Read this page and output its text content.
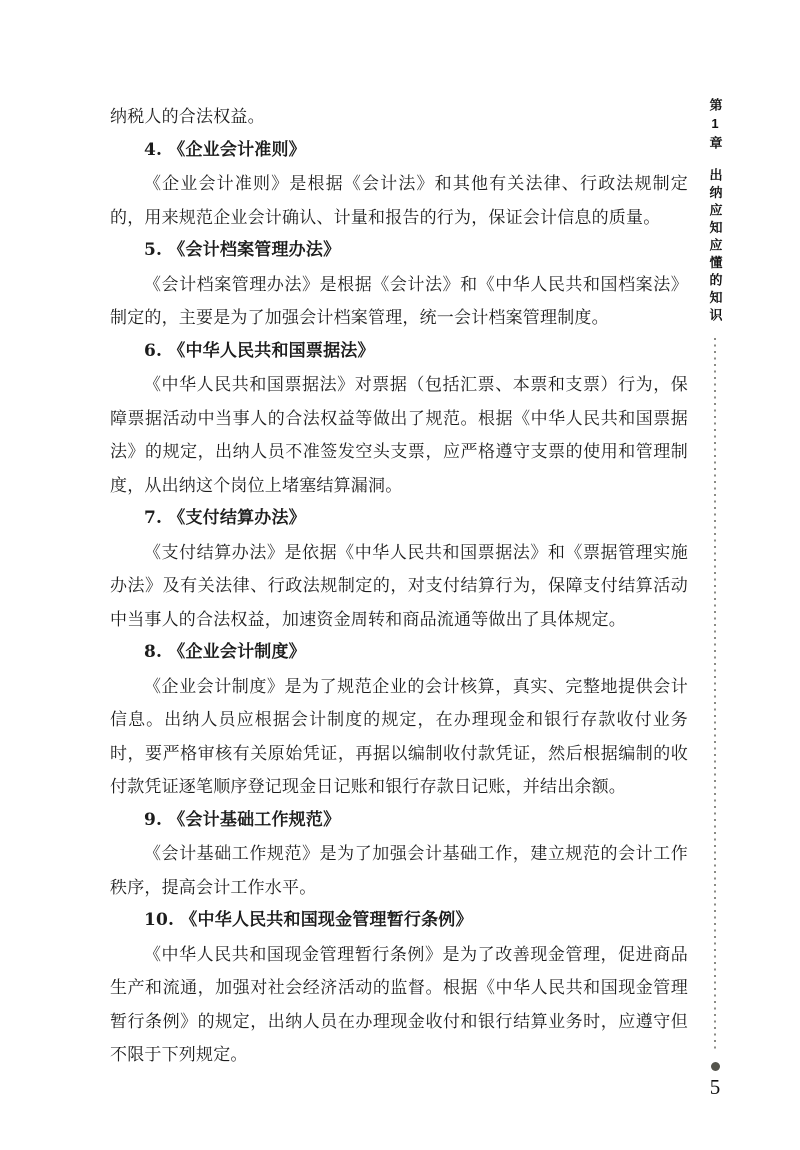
纳税人的合法权益。
4. 《企业会计准则》
《企业会计准则》是根据《会计法》和其他有关法律、行政法规制定的，用来规范企业会计确认、计量和报告的行为，保证会计信息的质量。
5. 《会计档案管理办法》
《会计档案管理办法》是根据《会计法》和《中华人民共和国档案法》制定的，主要是为了加强会计档案管理，统一会计档案管理制度。
6. 《中华人民共和国票据法》
《中华人民共和国票据法》对票据（包括汇票、本票和支票）行为，保障票据活动中当事人的合法权益等做出了规范。根据《中华人民共和国票据法》的规定，出纳人员不准签发空头支票，应严格遵守支票的使用和管理制度，从出纳这个岗位上堵塞结算漏洞。
7. 《支付结算办法》
《支付结算办法》是依据《中华人民共和国票据法》和《票据管理实施办法》及有关法律、行政法规制定的，对支付结算行为，保障支付结算活动中当事人的合法权益，加速资金周转和商品流通等做出了具体规定。
8. 《企业会计制度》
《企业会计制度》是为了规范企业的会计核算，真实、完整地提供会计信息。出纳人员应根据会计制度的规定，在办理现金和银行存款收付业务时，要严格审核有关原始凭证，再据以编制收付款凭证，然后根据编制的收付款凭证逐笔顺序登记现金日记账和银行存款日记账，并结出余额。
9. 《会计基础工作规范》
《会计基础工作规范》是为了加强会计基础工作，建立规范的会计工作秩序，提高会计工作水平。
10. 《中华人民共和国现金管理暂行条例》
《中华人民共和国现金管理暂行条例》是为了改善现金管理，促进商品生产和流通，加强对社会经济活动的监督。根据《中华人民共和国现金管理暂行条例》的规定，出纳人员在办理现金收付和银行结算业务时，应遵守但不限于下列规定。
第1章
出纳应知应懂的知识
5
